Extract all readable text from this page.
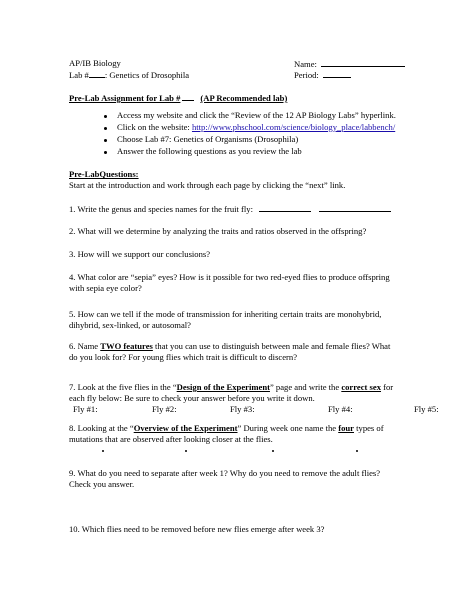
AP/IB Biology
Lab # : Genetics of Drosophila
Name:
Period:
Pre-Lab Assignment for Lab # (AP Recommended lab)
Access my website and click the “Review of the 12 AP Biology Labs” hyperlink.
Click on the website: http://www.phschool.com/science/biology_place/labbench/
Choose Lab #7: Genetics of Organisms (Drosophila)
Answer the following questions as you review the lab
Pre-LabQuestions:
Start at the introduction and work through each page by clicking the “next” link.
1. Write the genus and species names for the fruit fly:
2. What will we determine by analyzing the traits and ratios observed in the offspring?
3. How will we support our conclusions?
4. What color are “sepia” eyes? How is it possible for two red-eyed flies to produce offspring
with sepia eye color?
5. How can we tell if the mode of transmission for inheriting certain traits are monohybrid,
dihybrid, sex-linked, or autosomal?
6. Name TWO features that you can use to distinguish between male and female flies? What
do you look for? For young flies which trait is difficult to discern?
7. Look at the five flies in the “Design of the Experiment” page and write the correct sex for
each fly below: Be sure to check your answer before you write it down.
Fly #1:	Fly #2:	Fly #3:	Fly #4:	Fly #5:
8. Looking at the “Overview of the Experiment” During week one name the four types of
mutations that are observed after looking closer at the flies.
9. What do you need to separate after week 1? Why do you need to remove the adult flies?
Check you answer.
10. Which flies need to be removed before new flies emerge after week 3?
